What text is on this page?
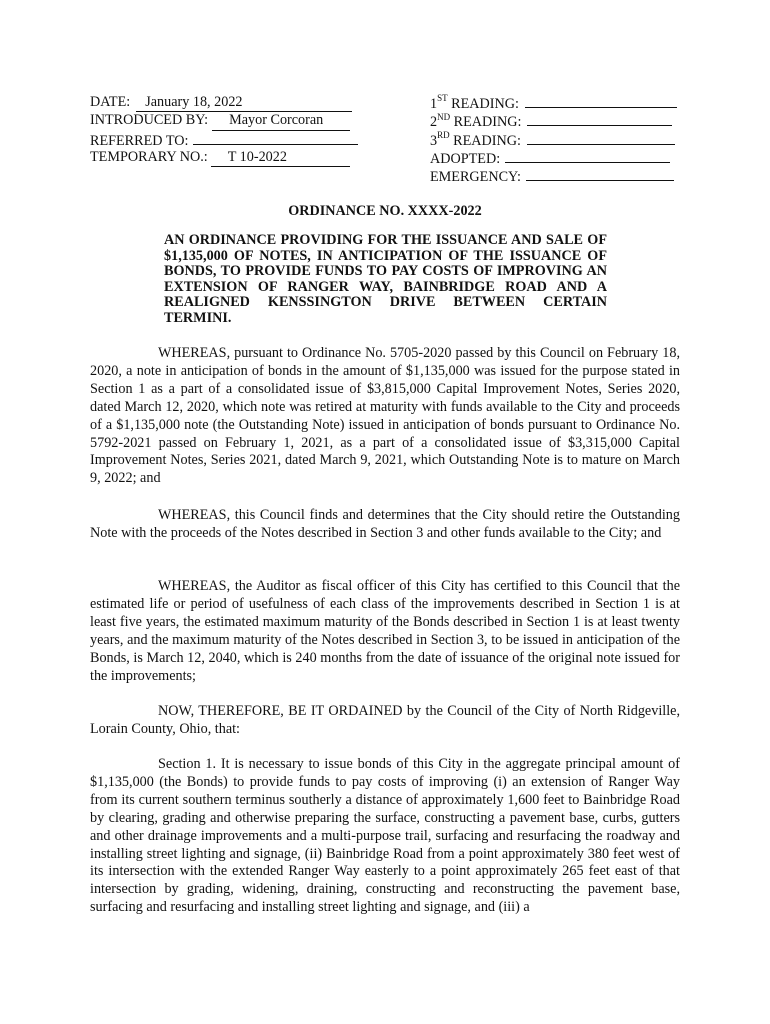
DATE:	January 18, 2022
INTRODUCED BY:	Mayor Corcoran
REFERRED TO:
TEMPORARY NO.:	T 10-2022
1ST READING:
2ND READING:
3RD READING:
ADOPTED:
EMERGENCY:
ORDINANCE NO. XXXX-2022
AN ORDINANCE PROVIDING FOR THE ISSUANCE AND SALE OF $1,135,000 OF NOTES, IN ANTICIPATION OF THE ISSUANCE OF BONDS, TO PROVIDE FUNDS TO PAY COSTS OF IMPROVING AN EXTENSION OF RANGER WAY, BAINBRIDGE ROAD AND A REALIGNED KENSSINGTON DRIVE BETWEEN CERTAIN TERMINI.
WHEREAS, pursuant to Ordinance No. 5705-2020 passed by this Council on February 18, 2020, a note in anticipation of bonds in the amount of $1,135,000 was issued for the purpose stated in Section 1 as a part of a consolidated issue of $3,815,000 Capital Improvement Notes, Series 2020, dated March 12, 2020, which note was retired at maturity with funds available to the City and proceeds of a $1,135,000 note (the Outstanding Note) issued in anticipation of bonds pursuant to Ordinance No. 5792-2021 passed on February 1, 2021, as a part of a consolidated issue of $3,315,000 Capital Improvement Notes, Series 2021, dated March 9, 2021, which Outstanding Note is to mature on March 9, 2022; and
WHEREAS, this Council finds and determines that the City should retire the Outstanding Note with the proceeds of the Notes described in Section 3 and other funds available to the City; and
WHEREAS, the Auditor as fiscal officer of this City has certified to this Council that the estimated life or period of usefulness of each class of the improvements described in Section 1 is at least five years, the estimated maximum maturity of the Bonds described in Section 1 is at least twenty years, and the maximum maturity of the Notes described in Section 3, to be issued in anticipation of the Bonds, is March 12, 2040, which is 240 months from the date of issuance of the original note issued for the improvements;
NOW, THEREFORE, BE IT ORDAINED by the Council of the City of North Ridgeville, Lorain County, Ohio, that:
Section 1. It is necessary to issue bonds of this City in the aggregate principal amount of $1,135,000 (the Bonds) to provide funds to pay costs of improving (i) an extension of Ranger Way from its current southern terminus southerly a distance of approximately 1,600 feet to Bainbridge Road by clearing, grading and otherwise preparing the surface, constructing a pavement base, curbs, gutters and other drainage improvements and a multi-purpose trail, surfacing and resurfacing the roadway and installing street lighting and signage, (ii) Bainbridge Road from a point approximately 380 feet west of its intersection with the extended Ranger Way easterly to a point approximately 265 feet east of that intersection by grading, widening, draining, constructing and reconstructing the pavement base, surfacing and resurfacing and installing street lighting and signage, and (iii) a
